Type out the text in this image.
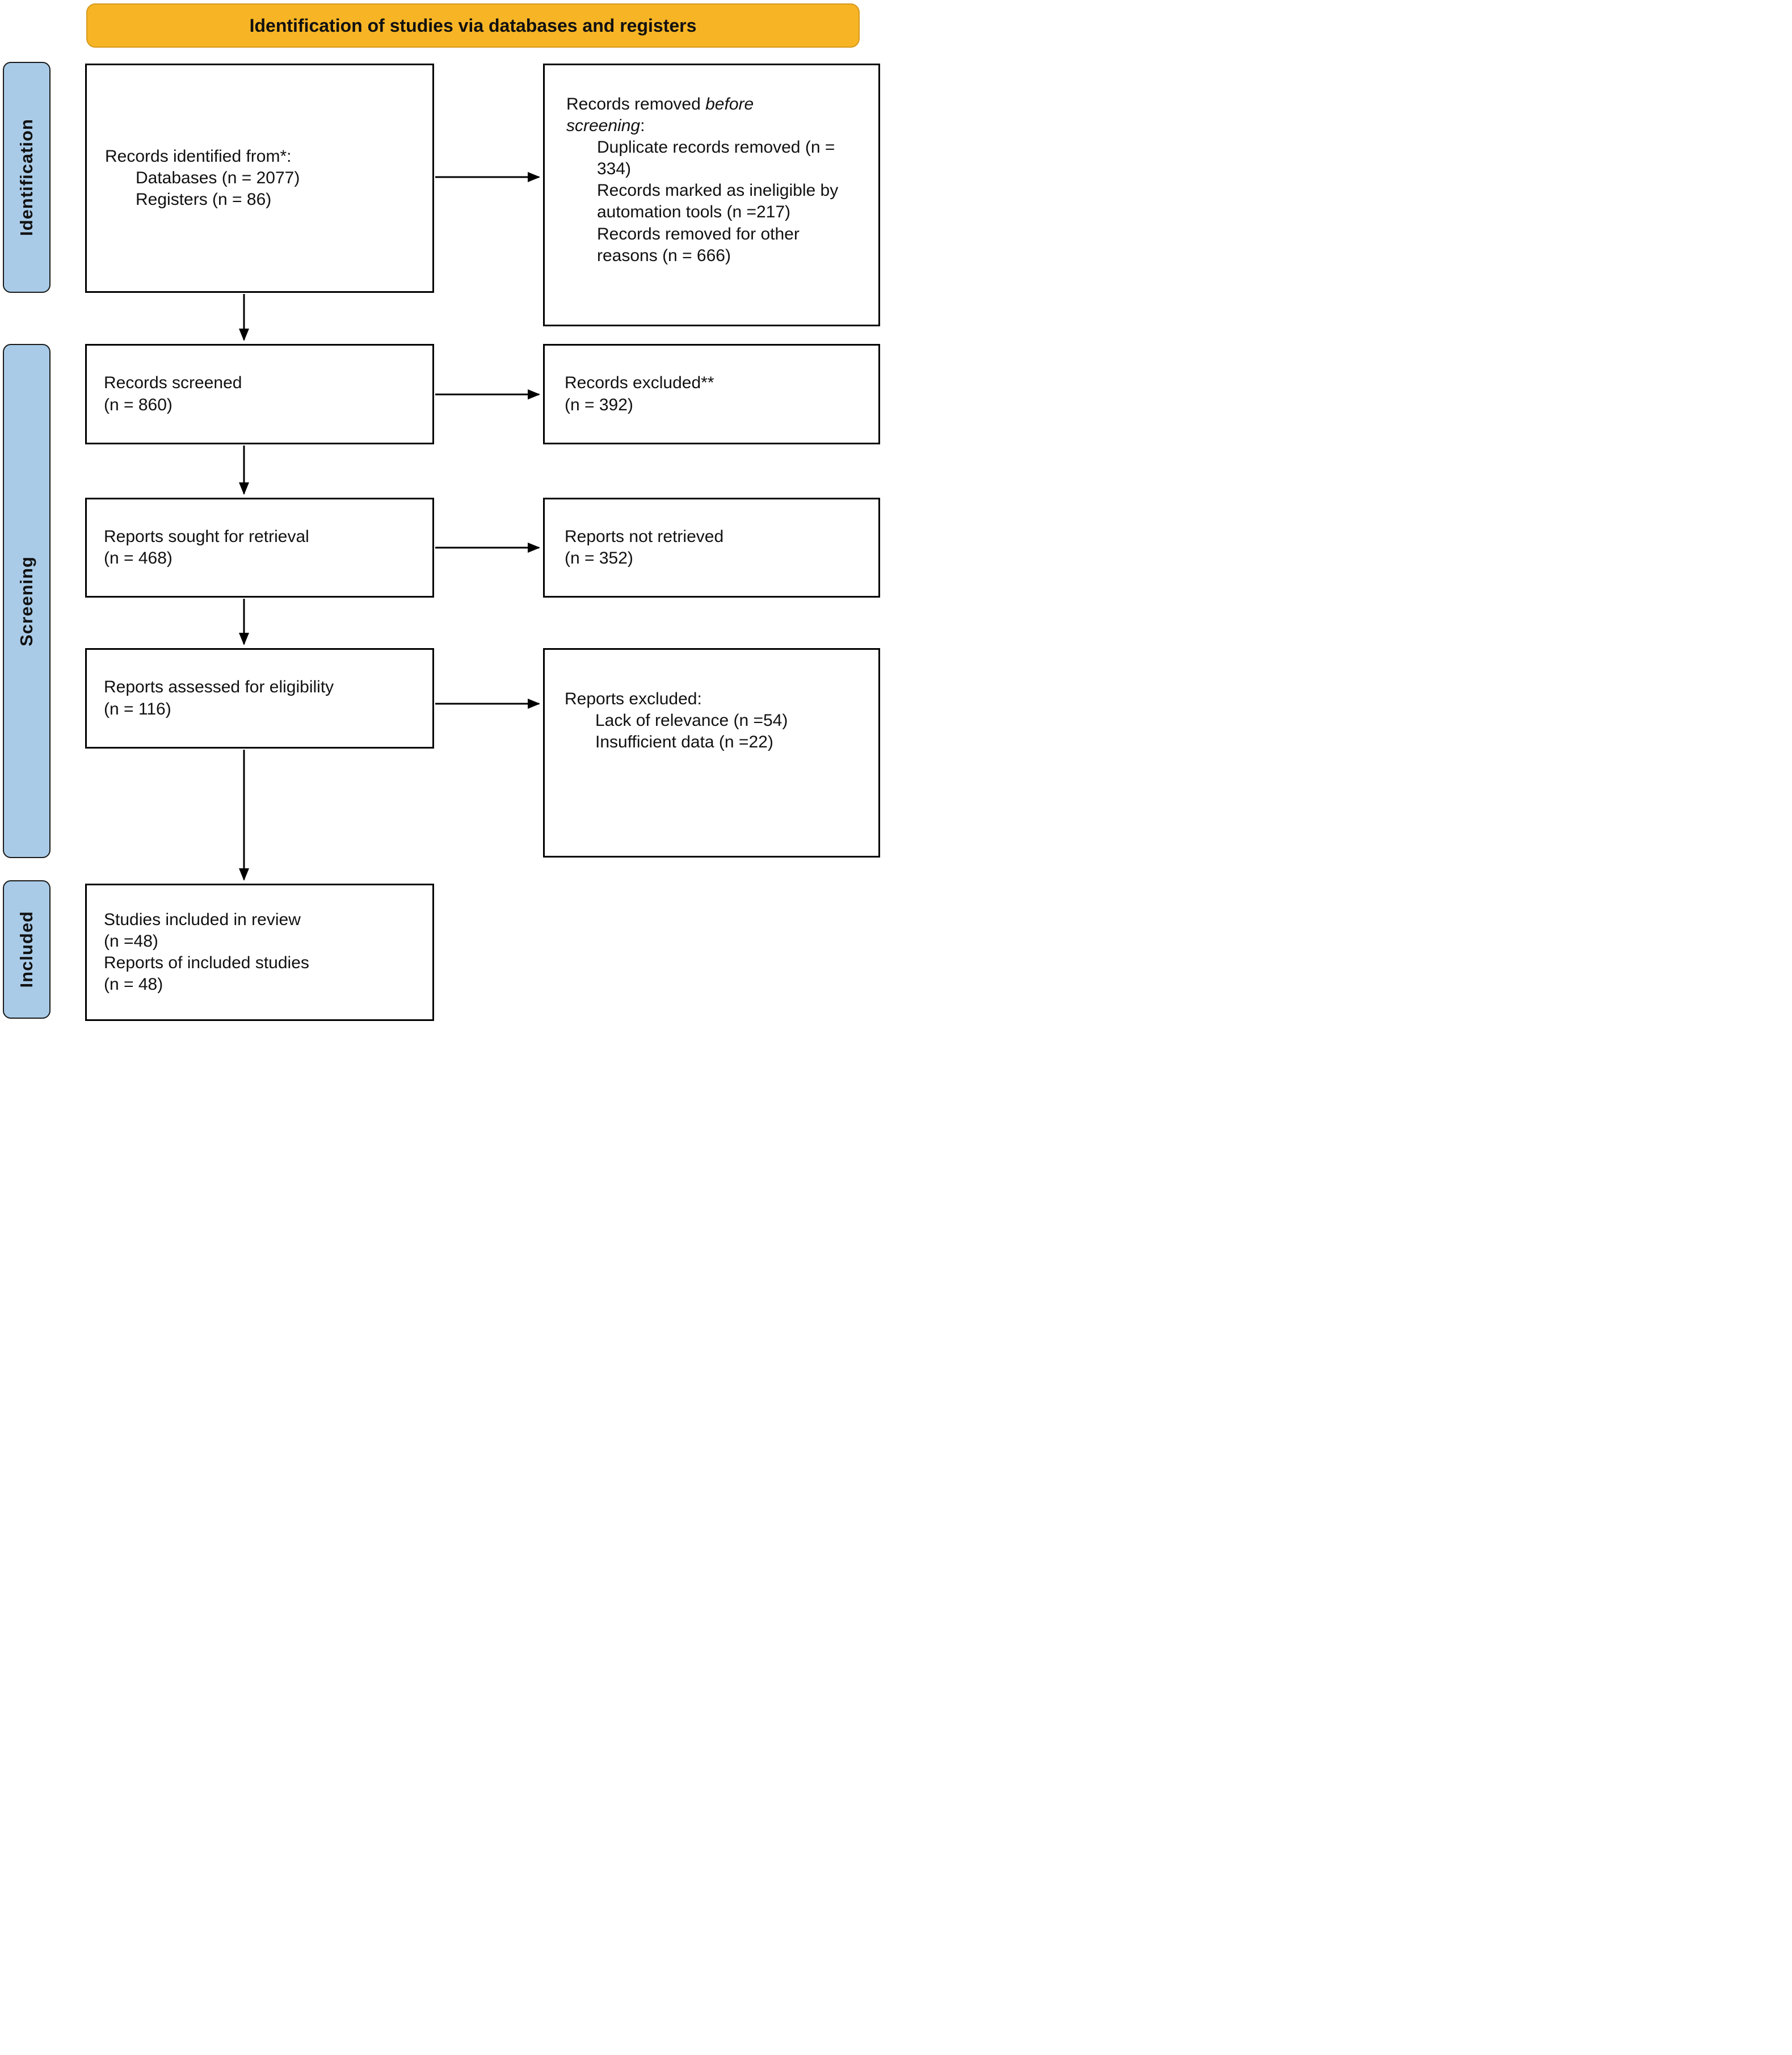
Identification of studies via databases and registers
Identification
Screening
Included
Records identified from*:
Databases (n = 2077)
Registers (n = 86)
Records screened
(n = 860)
Reports sought for retrieval
(n = 468)
Reports assessed for eligibility
(n = 116)
Studies included in review
(n =48)
Reports of included studies
(n = 48)
Records removed before screening:
Duplicate records removed (n = 334)
Records marked as ineligible by automation tools (n =217)
Records removed for other reasons (n = 666)
Records excluded**
(n = 392)
Reports not retrieved
(n = 352)
Reports excluded:
Lack of relevance (n =54)
Insufficient data (n =22)
